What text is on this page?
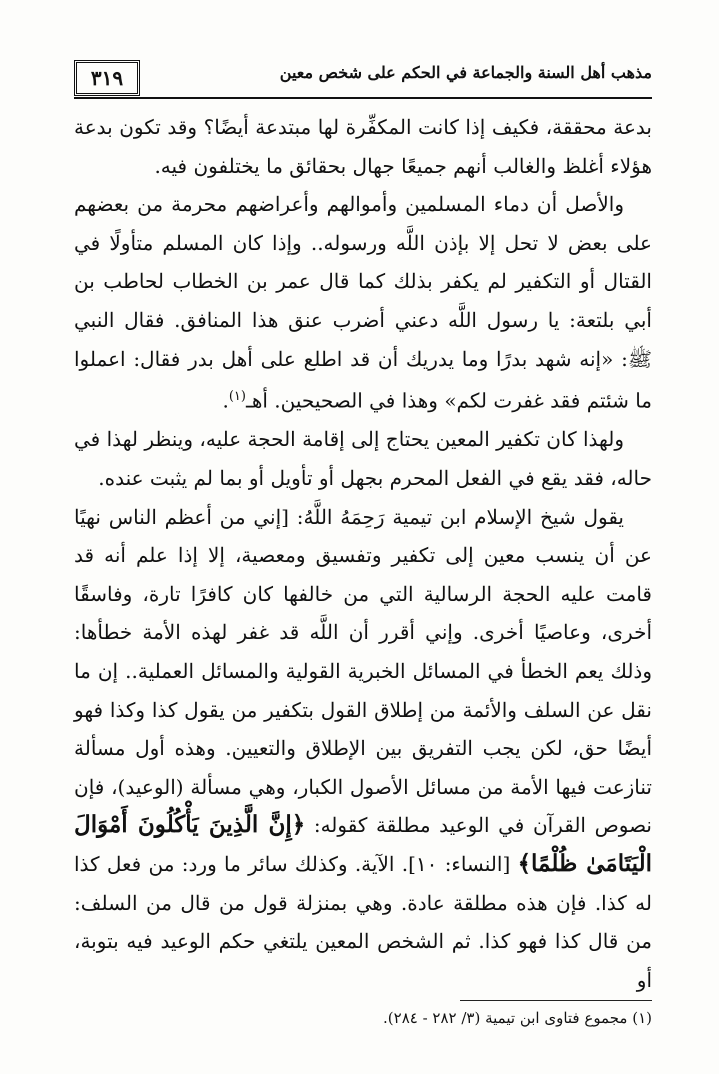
مذهب أهل السنة والجماعة في الحكم على شخص معين
٣١٩

بدعة محققة، فكيف إذا كانت المكفِّرة لها مبتدعة أيضًا؟ وقد تكون بدعة هؤلاء أغلظ والغالب أنهم جميعًا جهال بحقائق ما يختلفون فيه.

والأصل أن دماء المسلمين وأموالهم وأعراضهم محرمة من بعضهم على بعض لا تحل إلا بإذن اللَّه ورسوله.. وإذا كان المسلم متأولًا في القتال أو التكفير لم يكفر بذلك كما قال عمر بن الخطاب لحاطب بن أبي بلتعة: يا رسول اللَّه دعني أضرب عنق هذا المنافق. فقال النبي ﷺ: «إنه شهد بدرًا وما يدريك أن قد اطلع على أهل بدر فقال: اعملوا ما شئتم فقد غفرت لكم» وهذا في الصحيحين. أهـ$^{(١)}$.

ولهذا كان تكفير المعين يحتاج إلى إقامة الحجة عليه، وينظر لهذا في حاله، فقد يقع في الفعل المحرم بجهل أو تأويل أو بما لم يثبت عنده.

يقول شيخ الإسلام ابن تيمية رَحِمَهُ اللَّهُ: [إني من أعظم الناس نهيًا عن أن ينسب معين إلى تكفير وتفسيق ومعصية، إلا إذا علم أنه قد قامت عليه الحجة الرسالية التي من خالفها كان كافرًا تارة، وفاسقًا أخرى، وعاصيًا أخرى. وإني أقرر أن اللَّه قد غفر لهذه الأمة خطأها: وذلك يعم الخطأ في المسائل الخبرية القولية والمسائل العملية.. إن ما نقل عن السلف والأئمة من إطلاق القول بتكفير من يقول كذا وكذا فهو أيضًا حق، لكن يجب التفريق بين الإطلاق والتعيين. وهذه أول مسألة تنازعت فيها الأمة من مسائل الأصول الكبار، وهي مسألة (الوعيد)، فإن نصوص القرآن في الوعيد مطلقة كقوله: ﴿إِنَّ الَّذِينَ يَأْكُلُونَ أَمْوَالَ الْيَتَامَىٰ ظُلْمًا﴾ [النساء: ١٠]. الآية. وكذلك سائر ما ورد: من فعل كذا له كذا. فإن هذه مطلقة عادة. وهي بمنزلة قول من قال من السلف: من قال كذا فهو كذا. ثم الشخص المعين يلتغي حكم الوعيد فيه بتوبة، أو

(١) مجموع فتاوى ابن تيمية (٣/ ٢٨٢ - ٢٨٤).
